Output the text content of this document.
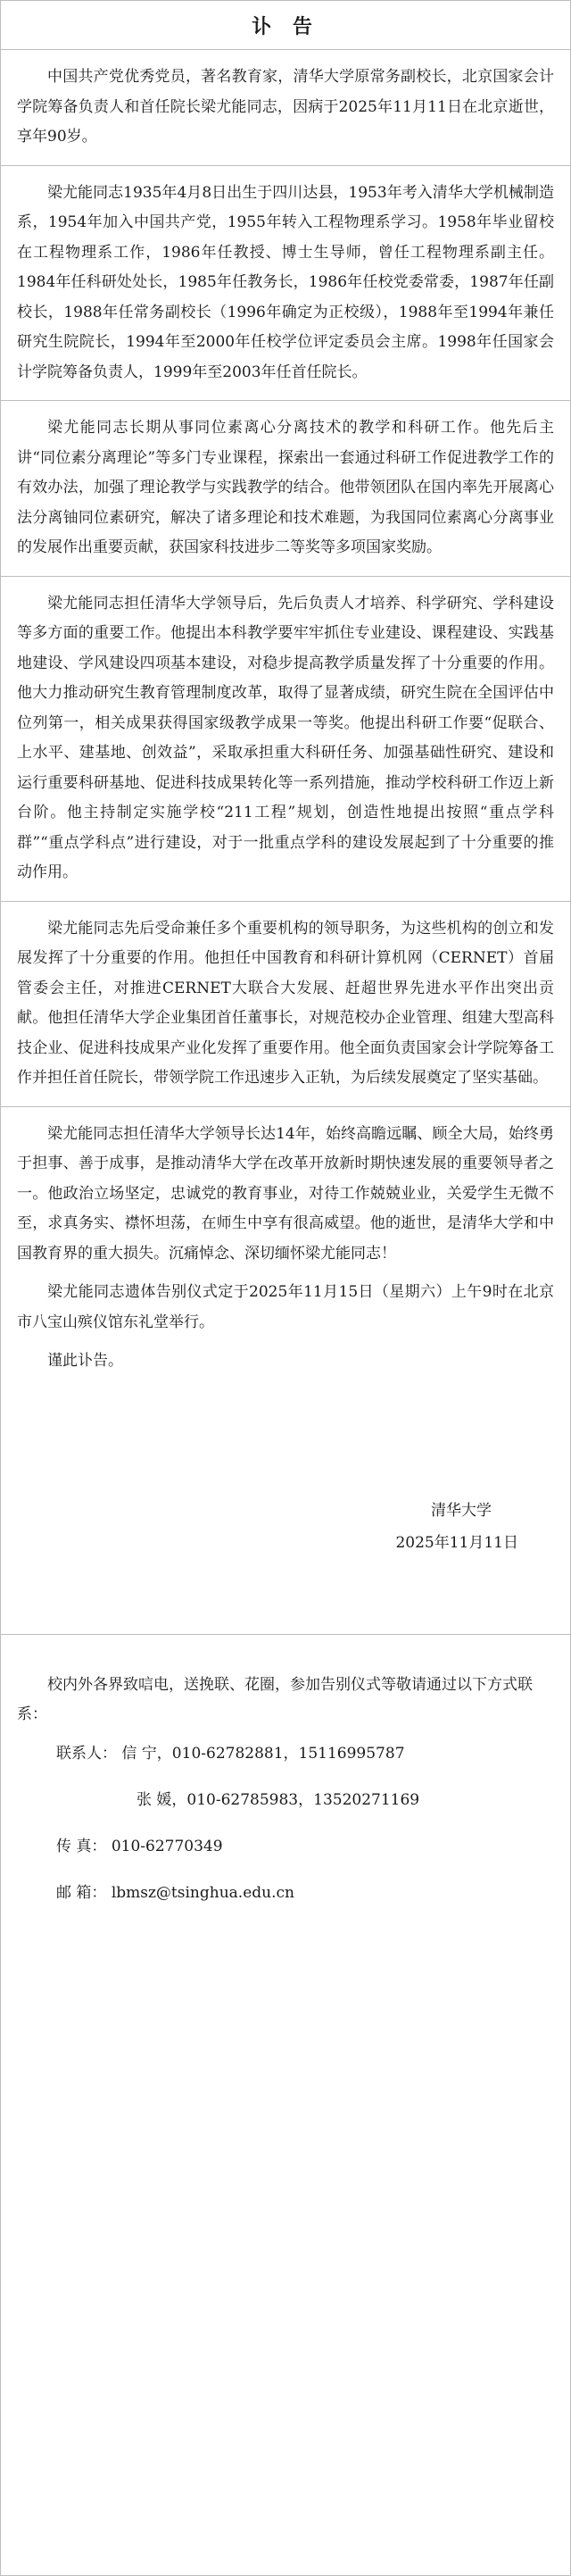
讣 告

中国共产党优秀党员，著名教育家，清华大学原常务副校长，北京国家会计学院筹备负责人和首任院长梁尤能同志，因病于2025年11月11日在北京逝世，享年90岁。

梁尤能同志1935年4月8日出生于四川达县，1953年考入清华大学机械制造系，1954年加入中国共产党，1955年转入工程物理系学习。1958年毕业留校在工程物理系工作，1986年任教授、博士生导师，曾任工程物理系副主任。1984年任科研处处长，1985年任教务长，1986年任校党委常委，1987年任副校长，1988年任常务副校长（1996年确定为正校级），1988年至1994年兼任研究生院院长，1994年至2000年任校学位评定委员会主席。1998年任国家会计学院筹备负责人，1999年至2003年任首任院长。

梁尤能同志长期从事同位素离心分离技术的教学和科研工作。他先后主讲“同位素分离理论”等多门专业课程，探索出一套通过科研工作促进教学工作的有效办法，加强了理论教学与实践教学的结合。他带领团队在国内率先开展离心法分离铀同位素研究，解决了诸多理论和技术难题，为我国同位素离心分离事业的发展作出重要贡献，获国家科技进步二等奖等多项国家奖励。

梁尤能同志担任清华大学领导后，先后负责人才培养、科学研究、学科建设等多方面的重要工作。他提出本科教学要牢牢抓住专业建设、课程建设、实践基地建设、学风建设四项基本建设，对稳步提高教学质量发挥了十分重要的作用。他大力推动研究生教育管理制度改革，取得了显著成绩，研究生院在全国评估中位列第一，相关成果获得国家级教学成果一等奖。他提出科研工作要“促联合、上水平、建基地、创效益”，采取承担重大科研任务、加强基础性研究、建设和运行重要科研基地、促进科技成果转化等一系列措施，推动学校科研工作迈上新台阶。他主持制定实施学校“211工程”规划，创造性地提出按照“重点学科群”“重点学科点”进行建设，对于一批重点学科的建设发展起到了十分重要的推动作用。

梁尤能同志先后受命兼任多个重要机构的领导职务，为这些机构的创立和发展发挥了十分重要的作用。他担任中国教育和科研计算机网（CERNET）首届管委会主任，对推进CERNET大联合大发展、赶超世界先进水平作出突出贡献。他担任清华大学企业集团首任董事长，对规范校办企业管理、组建大型高科技企业、促进科技成果产业化发挥了重要作用。他全面负责国家会计学院筹备工作并担任首任院长，带领学院工作迅速步入正轨，为后续发展奠定了坚实基础。

梁尤能同志担任清华大学领导长达14年，始终高瞻远瞩、顾全大局，始终勇于担事、善于成事，是推动清华大学在改革开放新时期快速发展的重要领导者之一。他政治立场坚定，忠诚党的教育事业，对待工作兢兢业业，关爱学生无微不至，求真务实、襟怀坦荡，在师生中享有很高威望。他的逝世，是清华大学和中国教育界的重大损失。沉痛悼念、深切缅怀梁尤能同志！

梁尤能同志遗体告别仪式定于2025年11月15日（星期六）上午9时在北京市八宝山殡仪馆东礼堂举行。

谨此讣告。

清华大学
2025年11月11日

校内外各界致唁电，送挽联、花圈，参加告别仪式等敬请通过以下方式联系：

联系人： 信 宁，010-62782881，15116995787
张 媛，010-62785983，13520271169
传 真： 010-62770349
邮 箱： lbmsz@tsinghua.edu.cn
